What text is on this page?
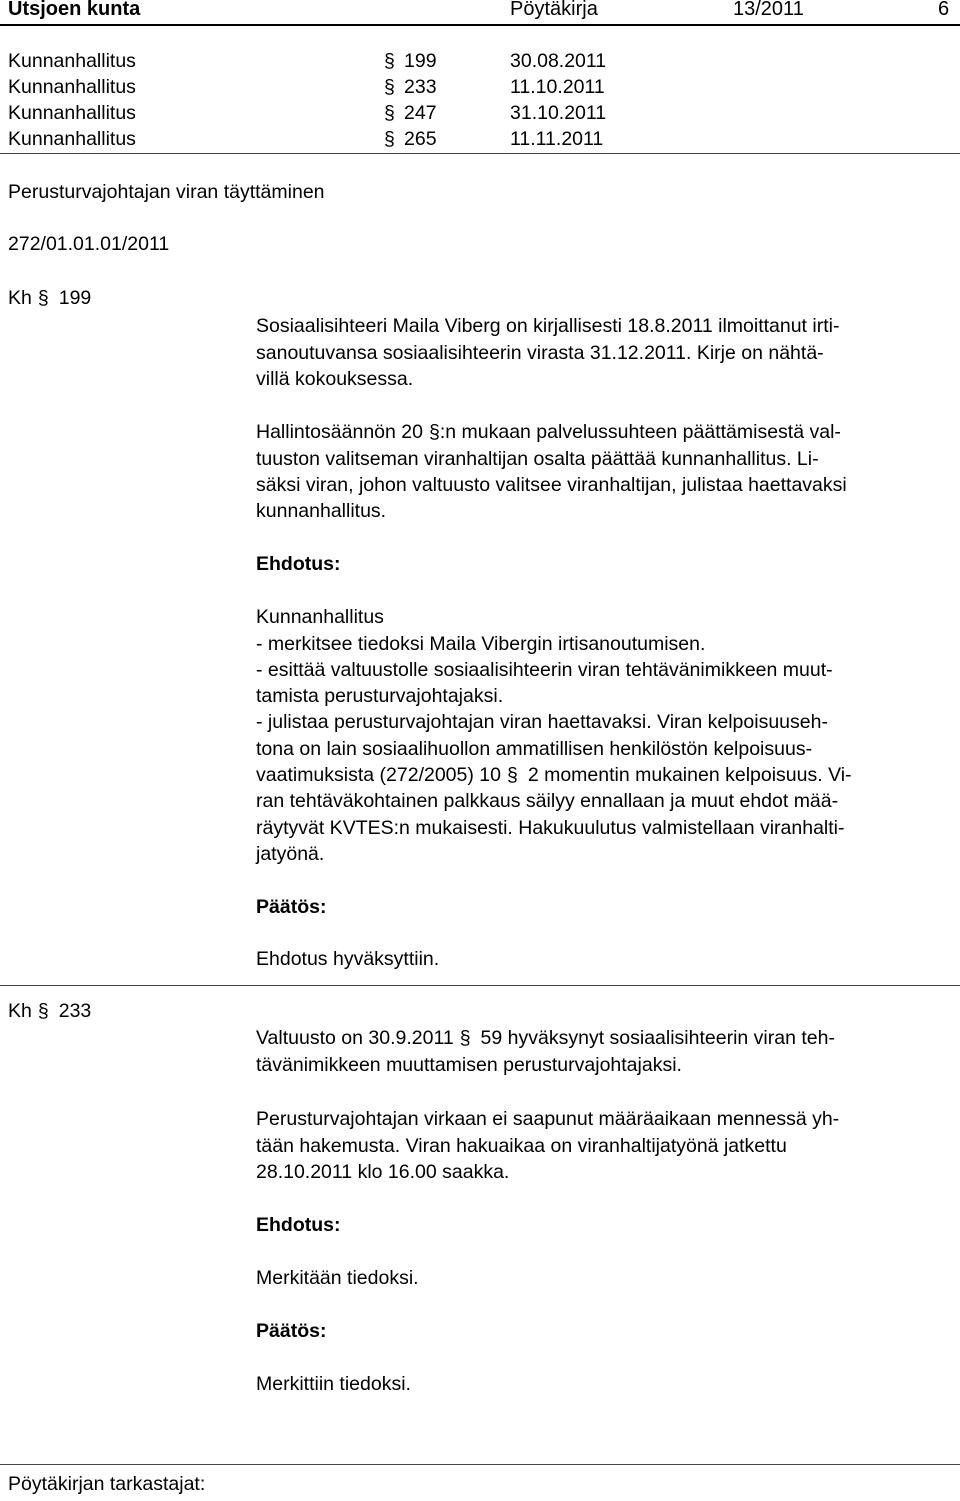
Utsjoen kunta	Pöytäkirja	13/2011	6
Kunnanhallitus	§ 199	30.08.2011
Kunnanhallitus	§ 233	11.10.2011
Kunnanhallitus	§ 247	31.10.2011
Kunnanhallitus	§ 265	11.11.2011
Perusturvajohtajan viran täyttäminen
272/01.01.01/2011
Kh § 199
Sosiaalisihteeri Maila Viberg on kirjallisesti 18.8.2011 ilmoittanut irti-
sanoutuvansa sosiaalisihteerin virasta 31.12.2011. Kirje on nähtä-
villä kokouksessa.
Hallintosäännön 20 §:n mukaan palvelussuhteen päättämisestä val-
tuuston valitseman viranhaltijan osalta päättää kunnanhallitus. Li-
säksi viran, johon valtuusto valitsee viranhaltijan, julistaa haettavaksi
kunnanhallitus.
Ehdotus:
Kunnanhallitus
- merkitsee tiedoksi Maila Vibergin irtisanoutumisen.
- esittää valtuustolle sosiaalisihteerin viran tehtävänimikkeen muut-
tamista perusturvajohtajaksi.
- julistaa perusturvajohtajan viran haettavaksi. Viran kelpoisuuseh-
tona on lain sosiaalihuollon ammatillisen henkilöstön kelpoisuus-
vaatimuksista (272/2005) 10 § 2 momentin mukainen kelpoisuus. Vi-
ran tehtäväkohtainen palkkaus säilyy ennallaan ja muut ehdot mää-
räytyvät KVTES:n mukaisesti. Hakukuulutus valmistellaan viranhalti-
jatyönä.
Päätös:
Ehdotus hyväksyttiin.
Kh § 233
Valtuusto on 30.9.2011 § 59 hyväksynyt sosiaalisihteerin viran teh-
tävänimikkeen muuttamisen perusturvajohtajaksi.
Perusturvajohtajan virkaan ei saapunut määräaikaan mennessä yh-
tään hakemusta. Viran hakuaikaa on viranhaltijatyönä jatkettu
28.10.2011 klo 16.00 saakka.
Ehdotus:
Merkitään tiedoksi.
Päätös:
Merkittiin tiedoksi.
Pöytäkirjan tarkastajat:
